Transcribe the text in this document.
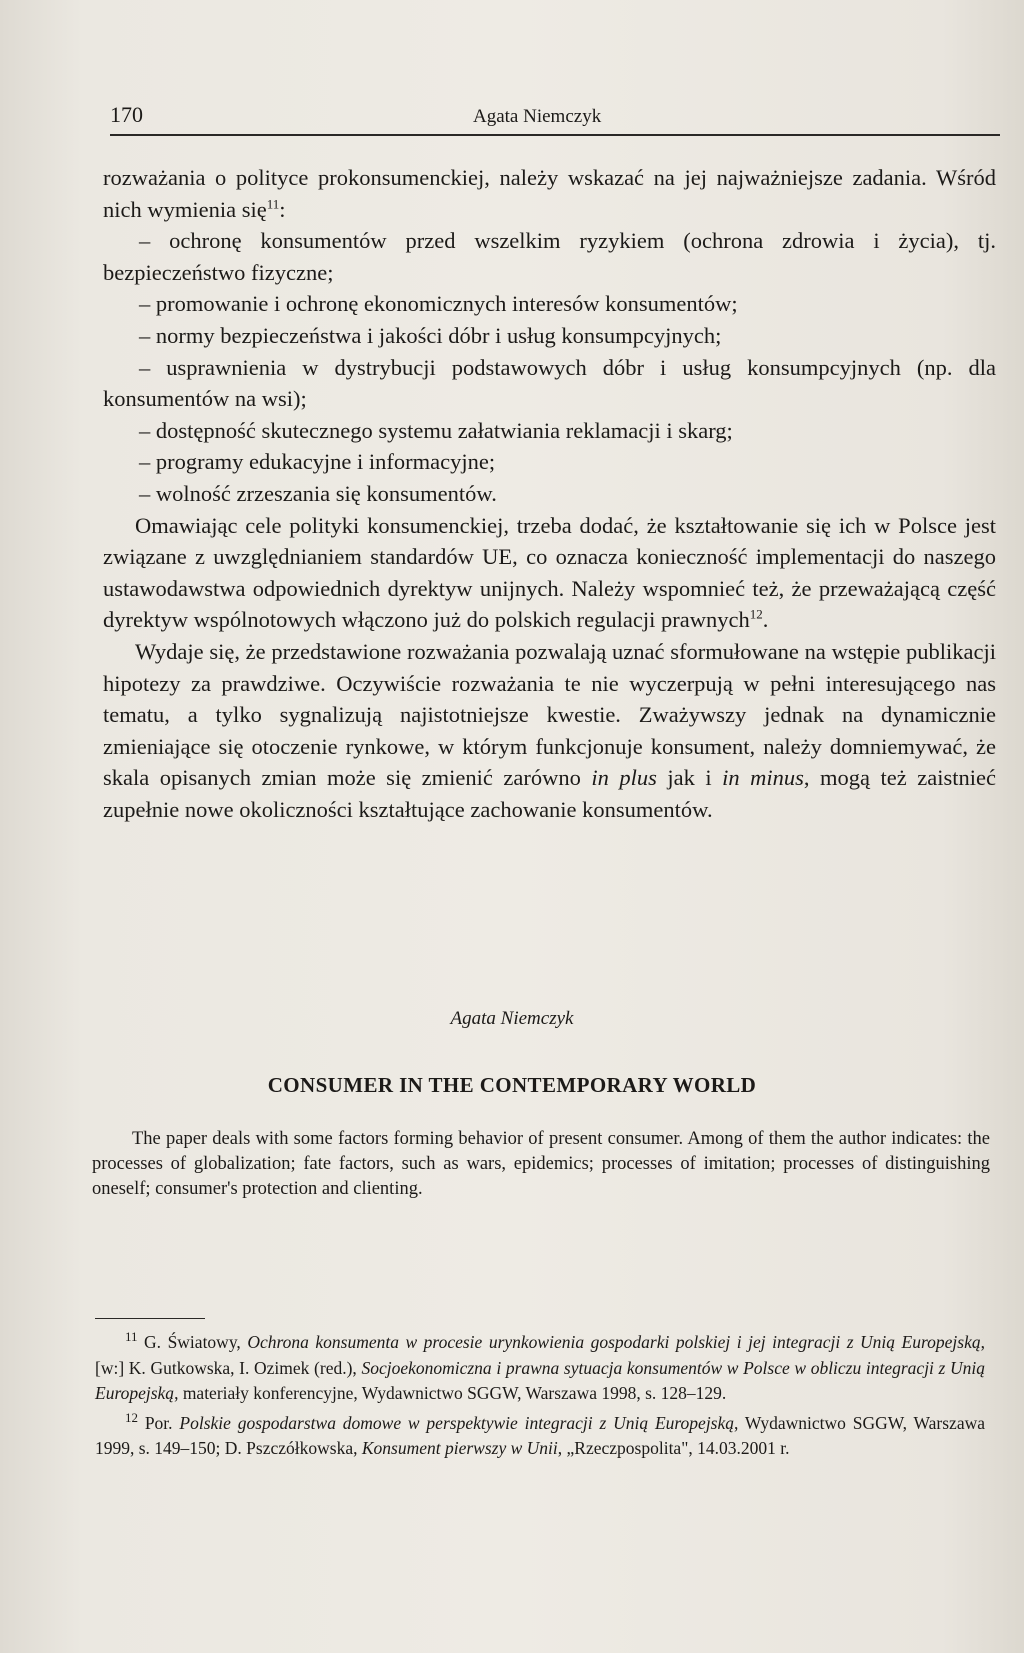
170	Agata Niemczyk

rozważania o polityce prokonsumenckiej, należy wskazać na jej najważniejsze zadania. Wśród nich wymienia się$^{11}$:

– ochronę konsumentów przed wszelkim ryzykiem (ochrona zdrowia i życia), tj. bezpieczeństwo fizyczne;

– promowanie i ochronę ekonomicznych interesów konsumentów;

– normy bezpieczeństwa i jakości dóbr i usług konsumpcyjnych;

– usprawnienia w dystrybucji podstawowych dóbr i usług konsumpcyjnych (np. dla konsumentów na wsi);

– dostępność skutecznego systemu załatwiania reklamacji i skarg;

– programy edukacyjne i informacyjne;

– wolność zrzeszania się konsumentów.

Omawiając cele polityki konsumenckiej, trzeba dodać, że kształtowanie się ich w Polsce jest związane z uwzględnianiem standardów UE, co oznacza konieczność implementacji do naszego ustawodawstwa odpowiednich dyrektyw unijnych. Należy wspomnieć też, że przeważającą część dyrektyw wspólnotowych włączono już do polskich regulacji prawnych$^{12}$.

Wydaje się, że przedstawione rozważania pozwalają uznać sformułowane na wstępie publikacji hipotezy za prawdziwe. Oczywiście rozważania te nie wyczerpują w pełni interesującego nas tematu, a tylko sygnalizują najistotniejsze kwestie. Zważywszy jednak na dynamicznie zmieniające się otoczenie rynkowe, w którym funkcjonuje konsument, należy domniemywać, że skala opisanych zmian może się zmienić zarówno in plus jak i in minus, mogą też zaistnieć zupełnie nowe okoliczności kształtujące zachowanie konsumentów.

Agata Niemczyk
CONSUMER IN THE CONTEMPORARY WORLD
The paper deals with some factors forming behavior of present consumer. Among of them the author indicates: the processes of globalization; fate factors, such as wars, epidemics; processes of imitation; processes of distinguishing oneself; consumer's protection and clienting.

$^{11}$ G. Światowy, Ochrona konsumenta w procesie urynkowienia gospodarki polskiej i jej integracji z Unią Europejską, [w:] K. Gutkowska, I. Ozimek (red.), Socjoekonomiczna i prawna sytuacja konsumentów w Polsce w obliczu integracji z Unią Europejską, materiały konferencyjne, Wydawnictwo SGGW, Warszawa 1998, s. 128–129.

$^{12}$ Por. Polskie gospodarstwa domowe w perspektywie integracji z Unią Europejską, Wydawnictwo SGGW, Warszawa 1999, s. 149–150; D. Pszczółkowska, Konsument pierwszy w Unii, „Rzeczpospolita", 14.03.2001 r.
